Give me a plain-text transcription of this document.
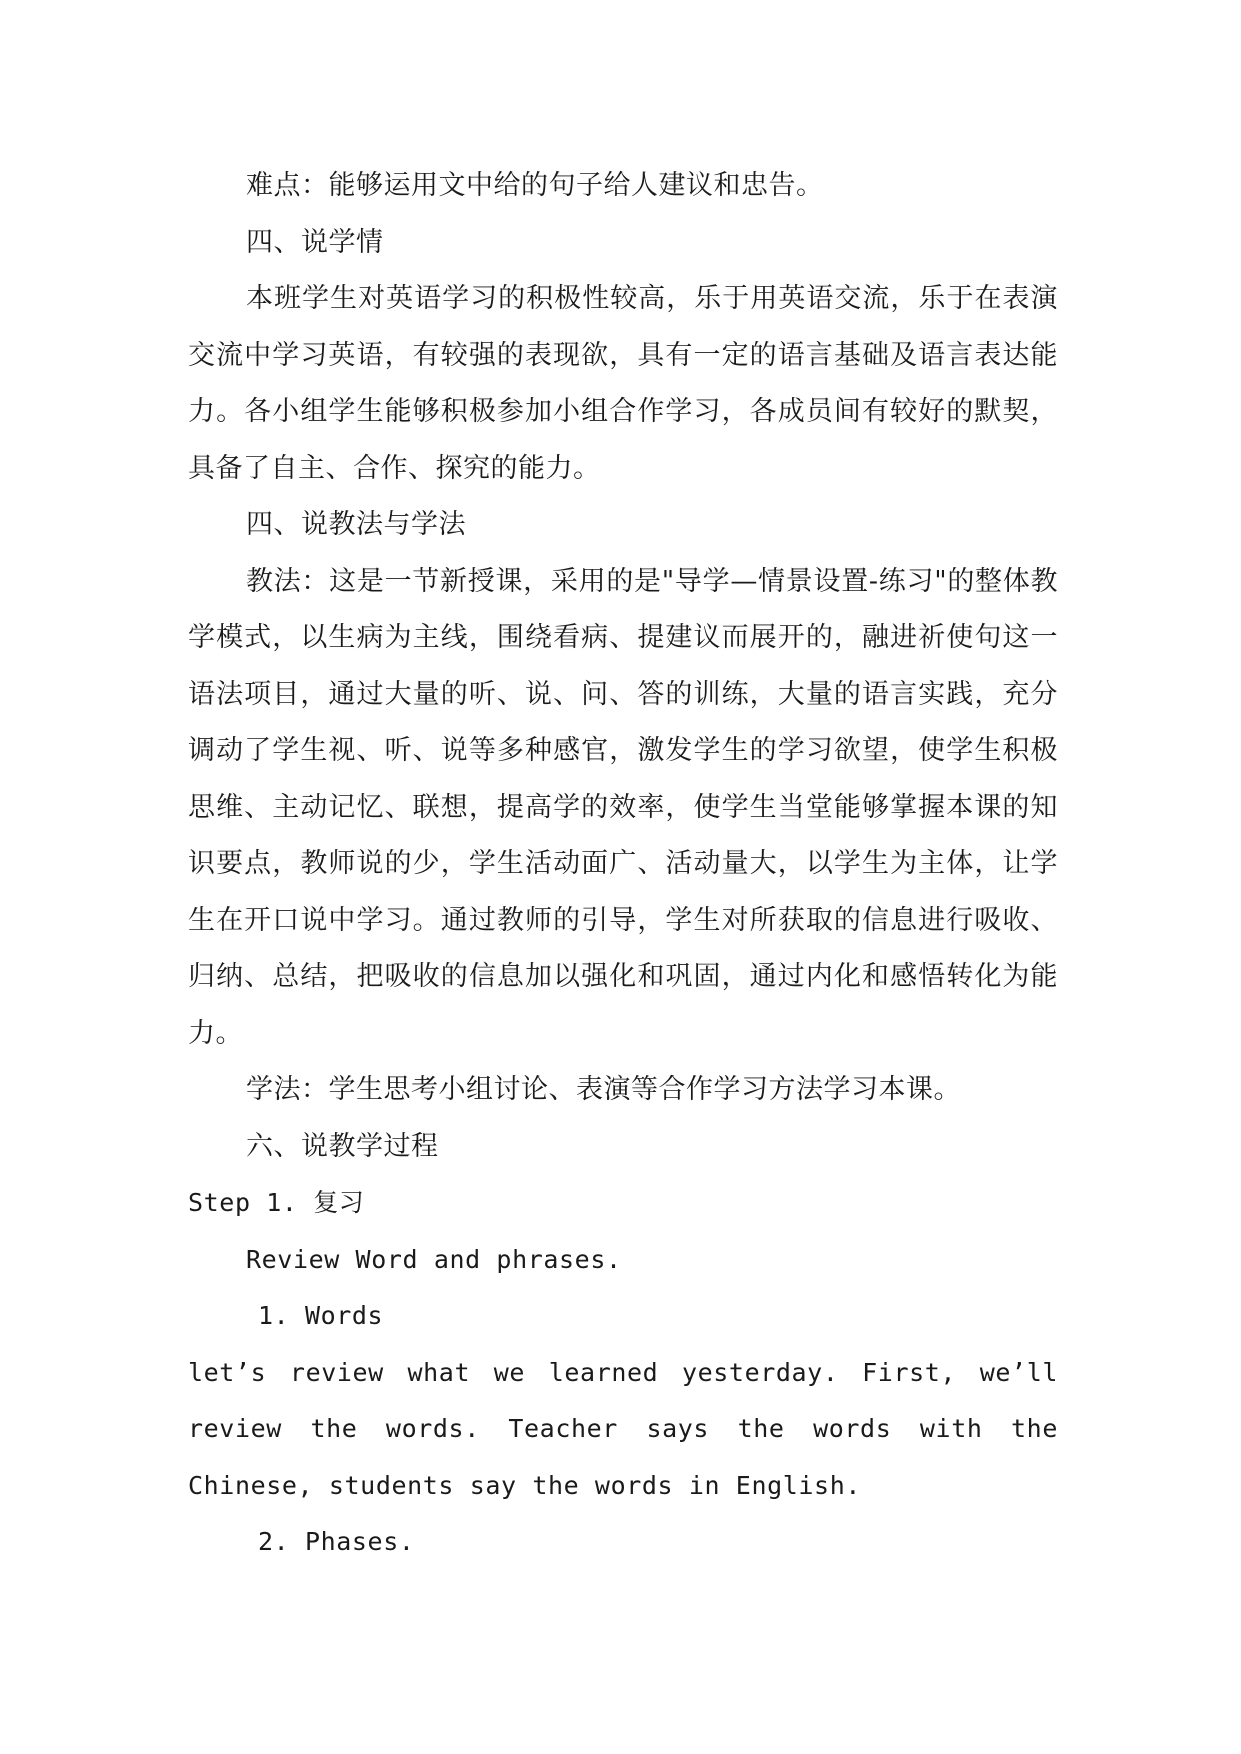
难点：能够运用文中给的句子给人建议和忠告。
四、说学情
本班学生对英语学习的积极性较高，乐于用英语交流，乐于在表演交流中学习英语，有较强的表现欲，具有一定的语言基础及语言表达能力。各小组学生能够积极参加小组合作学习，各成员间有较好的默契，具备了自主、合作、探究的能力。
四、说教法与学法
教法：这是一节新授课，采用的是"导学—情景设置-练习"的整体教学模式，以生病为主线，围绕看病、提建议而展开的，融进祈使句这一语法项目，通过大量的听、说、问、答的训练，大量的语言实践，充分调动了学生视、听、说等多种感官，激发学生的学习欲望，使学生积极思维、主动记忆、联想，提高学的效率，使学生当堂能够掌握本课的知识要点，教师说的少，学生活动面广、活动量大，以学生为主体，让学生在开口说中学习。通过教师的引导，学生对所获取的信息进行吸收、归纳、总结，把吸收的信息加以强化和巩固，通过内化和感悟转化为能力。
学法：学生思考小组讨论、表演等合作学习方法学习本课。
六、说教学过程
Step 1. 复习
Review Word and phrases.
1. Words
let’s review what we learned yesterday. First, we’ll review the words. Teacher says the words with the Chinese, students say the words in English.
2. Phases.
